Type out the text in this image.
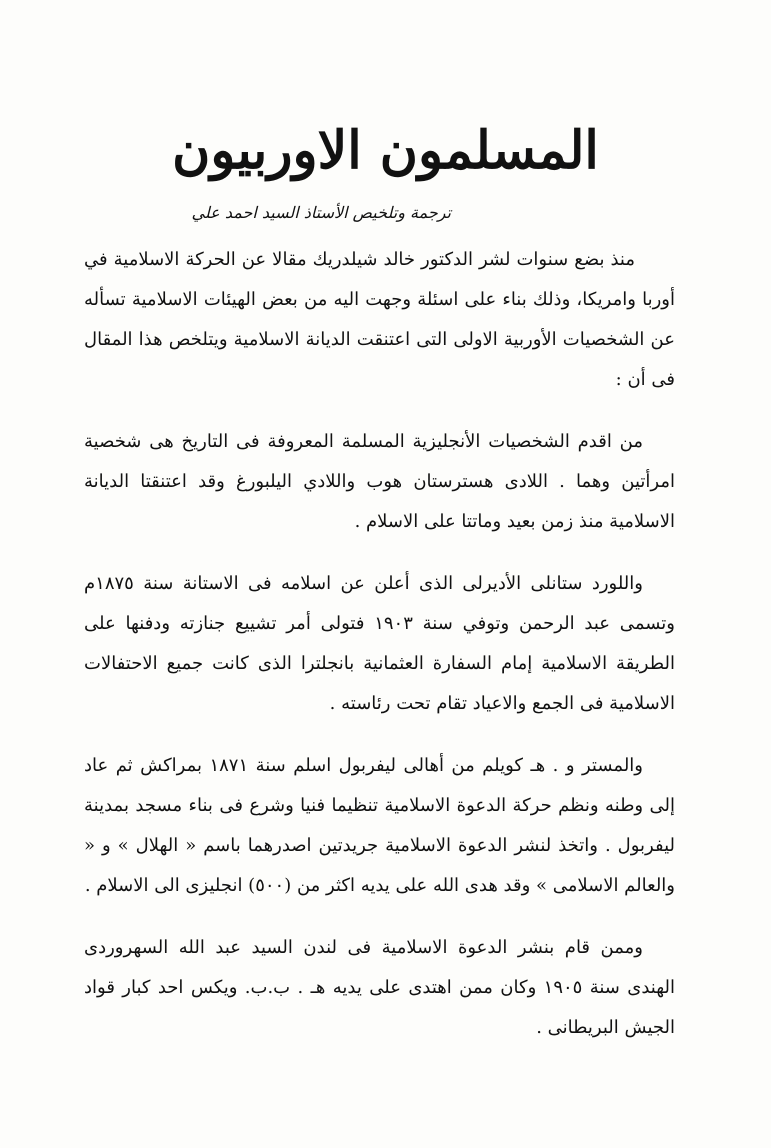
المسلمون الاوربيون
ترجمة وتلخيص الأستاذ السيد احمد علي

منذ بضع سنوات لشر الدكتور خالد شيلدريك مقالا عن الحركة الاسلامية في أوربا وامريكا، وذلك بناء على اسئلة وجهت اليه من بعض الهيئات الاسلامية تسأله عن الشخصيات الأوربية الاولى التى اعتنقت الديانة الاسلامية ويتلخص هذا المقال فى أن :

من اقدم الشخصيات الأنجليزية المسلمة المعروفة فى التاريخ هى شخصية امرأتين وهما . اللادى هسترستان هوب واللادي اليلبورغ وقد اعتنقتا الديانة الاسلامية منذ زمن بعيد وماتتا على الاسلام .

واللورد ستانلى الأديرلى الذى أعلن عن اسلامه فى الاستانة سنة ١٨٧٥م وتسمى عبد الرحمن وتوفي سنة ١٩٠٣ فتولى أمر تشييع جنازته ودفنها على الطريقة الاسلامية إمام السفارة العثمانية بانجلترا الذى كانت جميع الاحتفالات الاسلامية فى الجمع والاعياد تقام تحت رئاسته .

والمستر و . هـ كويلم من أهالى ليفربول اسلم سنة ١٨٧١ بمراكش ثم عاد إلى وطنه ونظم حركة الدعوة الاسلامية تنظيما فنيا وشرع فى بناء مسجد بمدينة ليفربول . واتخذ لنشر الدعوة الاسلامية جريدتين اصدرهما باسم « الهلال » و « والعالم الاسلامى » وقد هدى الله على يديه اكثر من (٥٠٠) انجليزى الى الاسلام .

وممن قام بنشر الدعوة الاسلامية فى لندن السيد عبد الله السهروردى الهندى سنة ١٩٠٥ وكان ممن اهتدى على يديه هـ . ب.ب. ويكس احد كبار قواد الجيش البريطانى .
